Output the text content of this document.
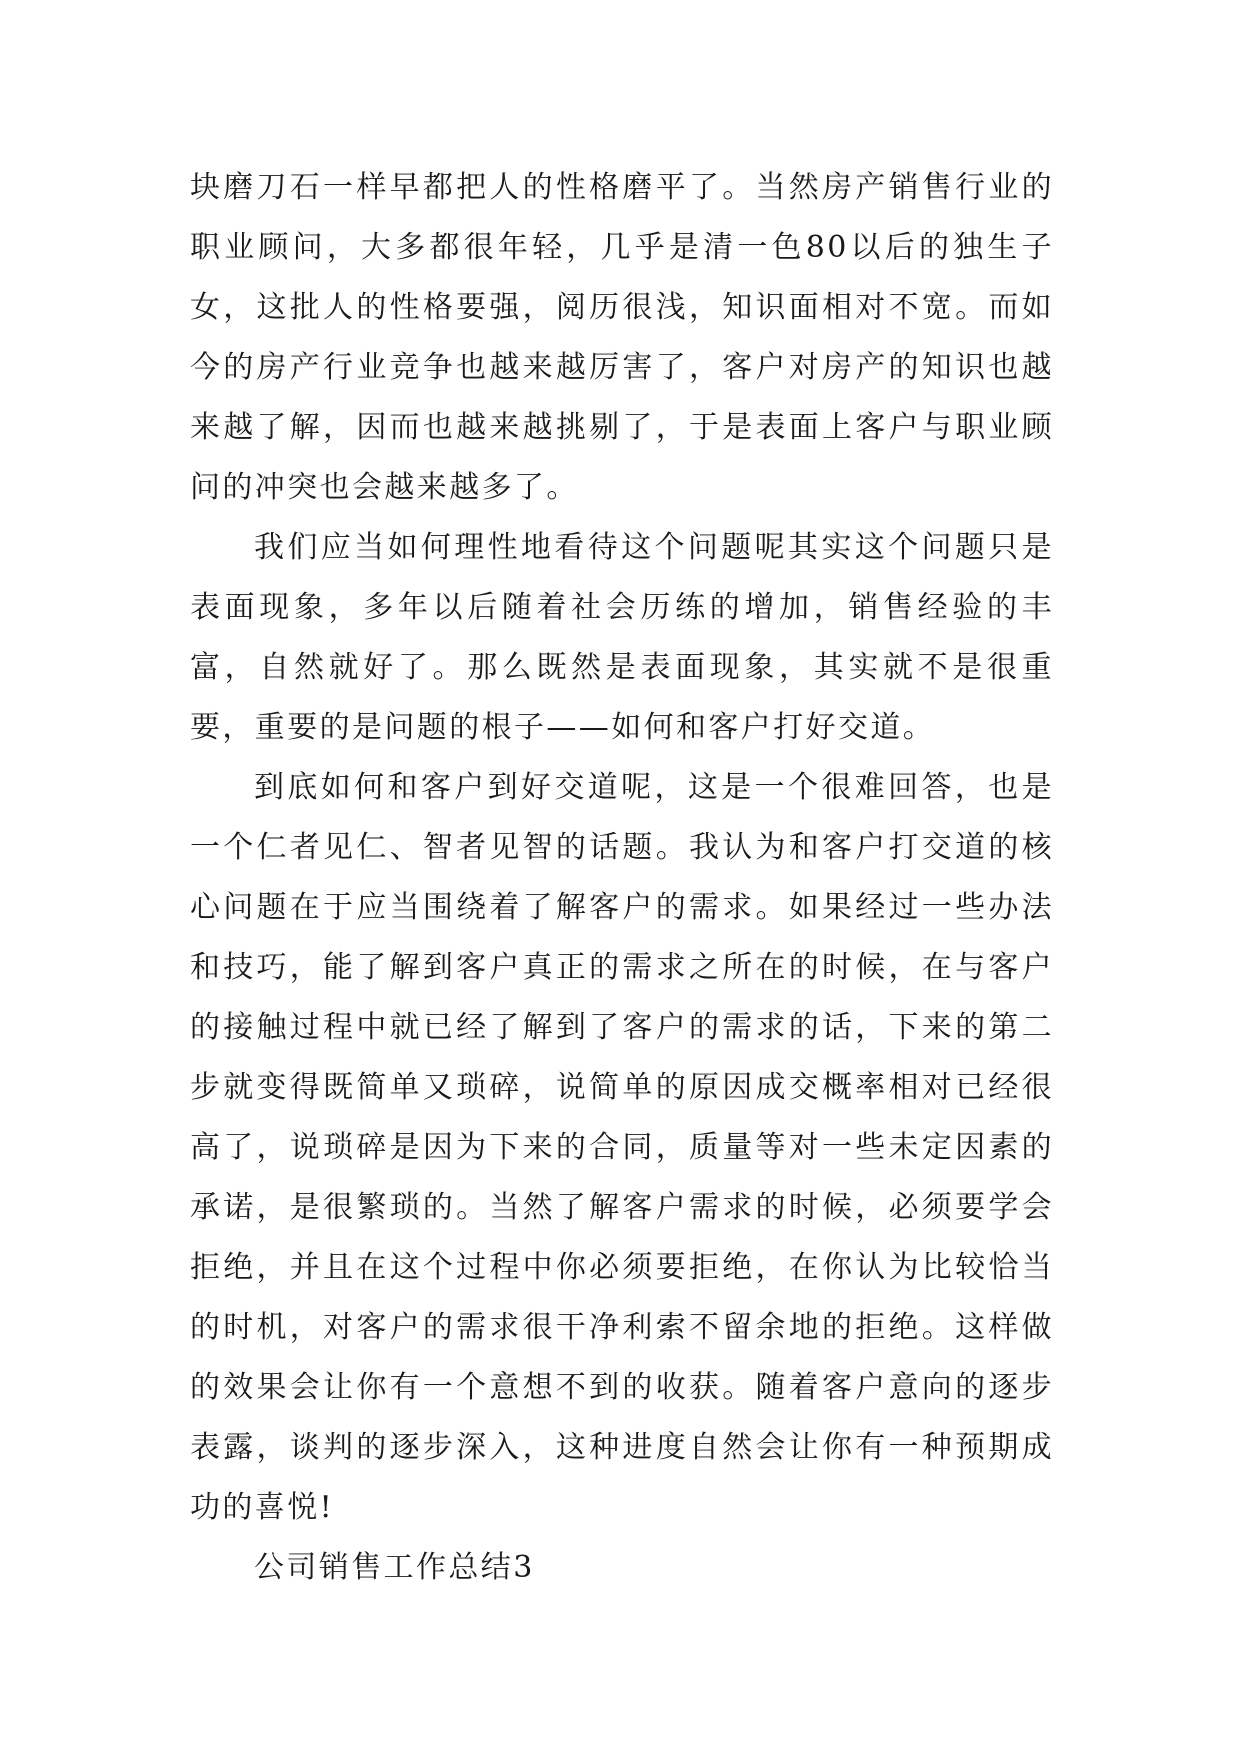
块磨刀石一样早都把人的性格磨平了。当然房产销售行业的职业顾问，大多都很年轻，几乎是清一色80以后的独生子女，这批人的性格要强，阅历很浅，知识面相对不宽。而如今的房产行业竞争也越来越厉害了，客户对房产的知识也越来越了解，因而也越来越挑剔了，于是表面上客户与职业顾问的冲突也会越来越多了。

我们应当如何理性地看待这个问题呢其实这个问题只是表面现象，多年以后随着社会历练的增加，销售经验的丰富，自然就好了。那么既然是表面现象，其实就不是很重要，重要的是问题的根子——如何和客户打好交道。

到底如何和客户到好交道呢，这是一个很难回答，也是一个仁者见仁、智者见智的话题。我认为和客户打交道的核心问题在于应当围绕着了解客户的需求。如果经过一些办法和技巧，能了解到客户真正的需求之所在的时候，在与客户的接触过程中就已经了解到了客户的需求的话，下来的第二步就变得既简单又琐碎，说简单的原因成交概率相对已经很高了，说琐碎是因为下来的合同，质量等对一些未定因素的承诺，是很繁琐的。当然了解客户需求的时候，必须要学会拒绝，并且在这个过程中你必须要拒绝，在你认为比较恰当的时机，对客户的需求很干净利索不留余地的拒绝。这样做的效果会让你有一个意想不到的收获。随着客户意向的逐步表露，谈判的逐步深入，这种进度自然会让你有一种预期成功的喜悦!

公司销售工作总结3
